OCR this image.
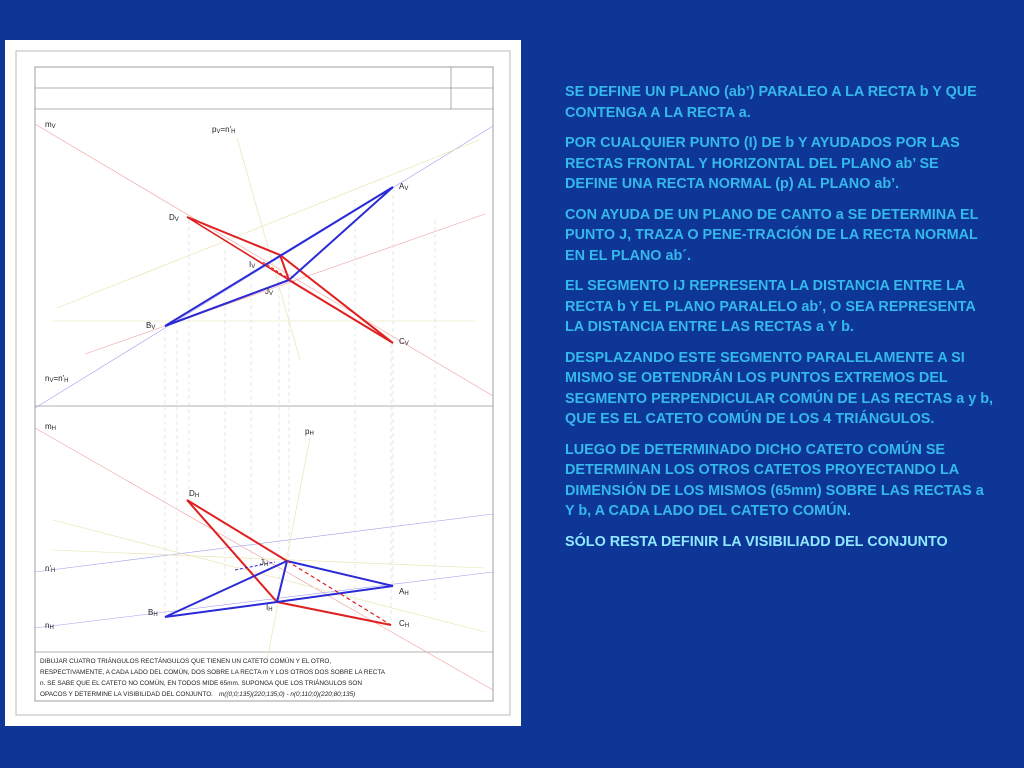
$m_V$	$p_V=n'_H$
$A_V$
$D_V$
$I_V$
$J_V$
$B_V$
$C_V$
$n_V=n'_H$
$m_H$	$p_H$
$D_H$
$J_H$
$n'_H$
$A_H$
$I_H$
$B_H$
$n_H$	$C_H$
DIBUJAR CUATRO TRIÁNGULOS RECTÁNGULOS QUE TIENEN UN CATETO COMÚN Y EL OTRO,
RESPECTIVAMENTE, A CADA LADO DEL COMÚN, DOS SOBRE LA RECTA m Y LOS OTROS DOS SOBRE LA RECTA
n. SE SABE QUE EL CATETO NO COMÚN, EN TODOS MIDE 65mm. SUPONGA QUE LOS TRIÁNGULOS SON
OPACOS Y DETERMINE LA VISIBILIDAD DEL CONJUNTO. m((0;0;135)(220;135;0) - n(0;110;0)(220;80;135)

SE DEFINE UN PLANO (ab’) PARALEO A LA RECTA b Y QUE CONTENGA A LA RECTA a.

POR CUALQUIER PUNTO (I) DE b Y AYUDADOS POR LAS RECTAS FRONTAL Y HORIZONTAL DEL PLANO ab’ SE DEFINE UNA RECTA NORMAL (p) AL PLANO ab’.

CON AYUDA DE UN PLANO DE CANTO a SE DETERMINA EL PUNTO J, TRAZA O PENE-TRACIÓN DE LA RECTA NORMAL EN EL PLANO ab´.

EL SEGMENTO IJ REPRESENTA LA DISTANCIA ENTRE LA RECTA b Y EL PLANO PARALELO ab’, O SEA REPRESENTA LA DISTANCIA ENTRE LAS RECTAS a Y b.

DESPLAZANDO ESTE SEGMENTO PARALELAMENTE A SI MISMO SE OBTENDRÁN LOS PUNTOS EXTREMOS DEL SEGMENTO PERPENDICULAR COMÚN DE LAS RECTAS a y b, QUE ES EL CATETO COMÚN DE LOS 4 TRIÁNGULOS.

LUEGO DE DETERMINADO DICHO CATETO COMÚN SE DETERMINAN LOS OTROS CATETOS PROYECTANDO LA DIMENSIÓN DE LOS MISMOS (65mm) SOBRE LAS RECTAS a Y b, A CADA LADO DEL CATETO COMÚN.

SÓLO RESTA DEFINIR LA VISIBILIADD DEL CONJUNTO
